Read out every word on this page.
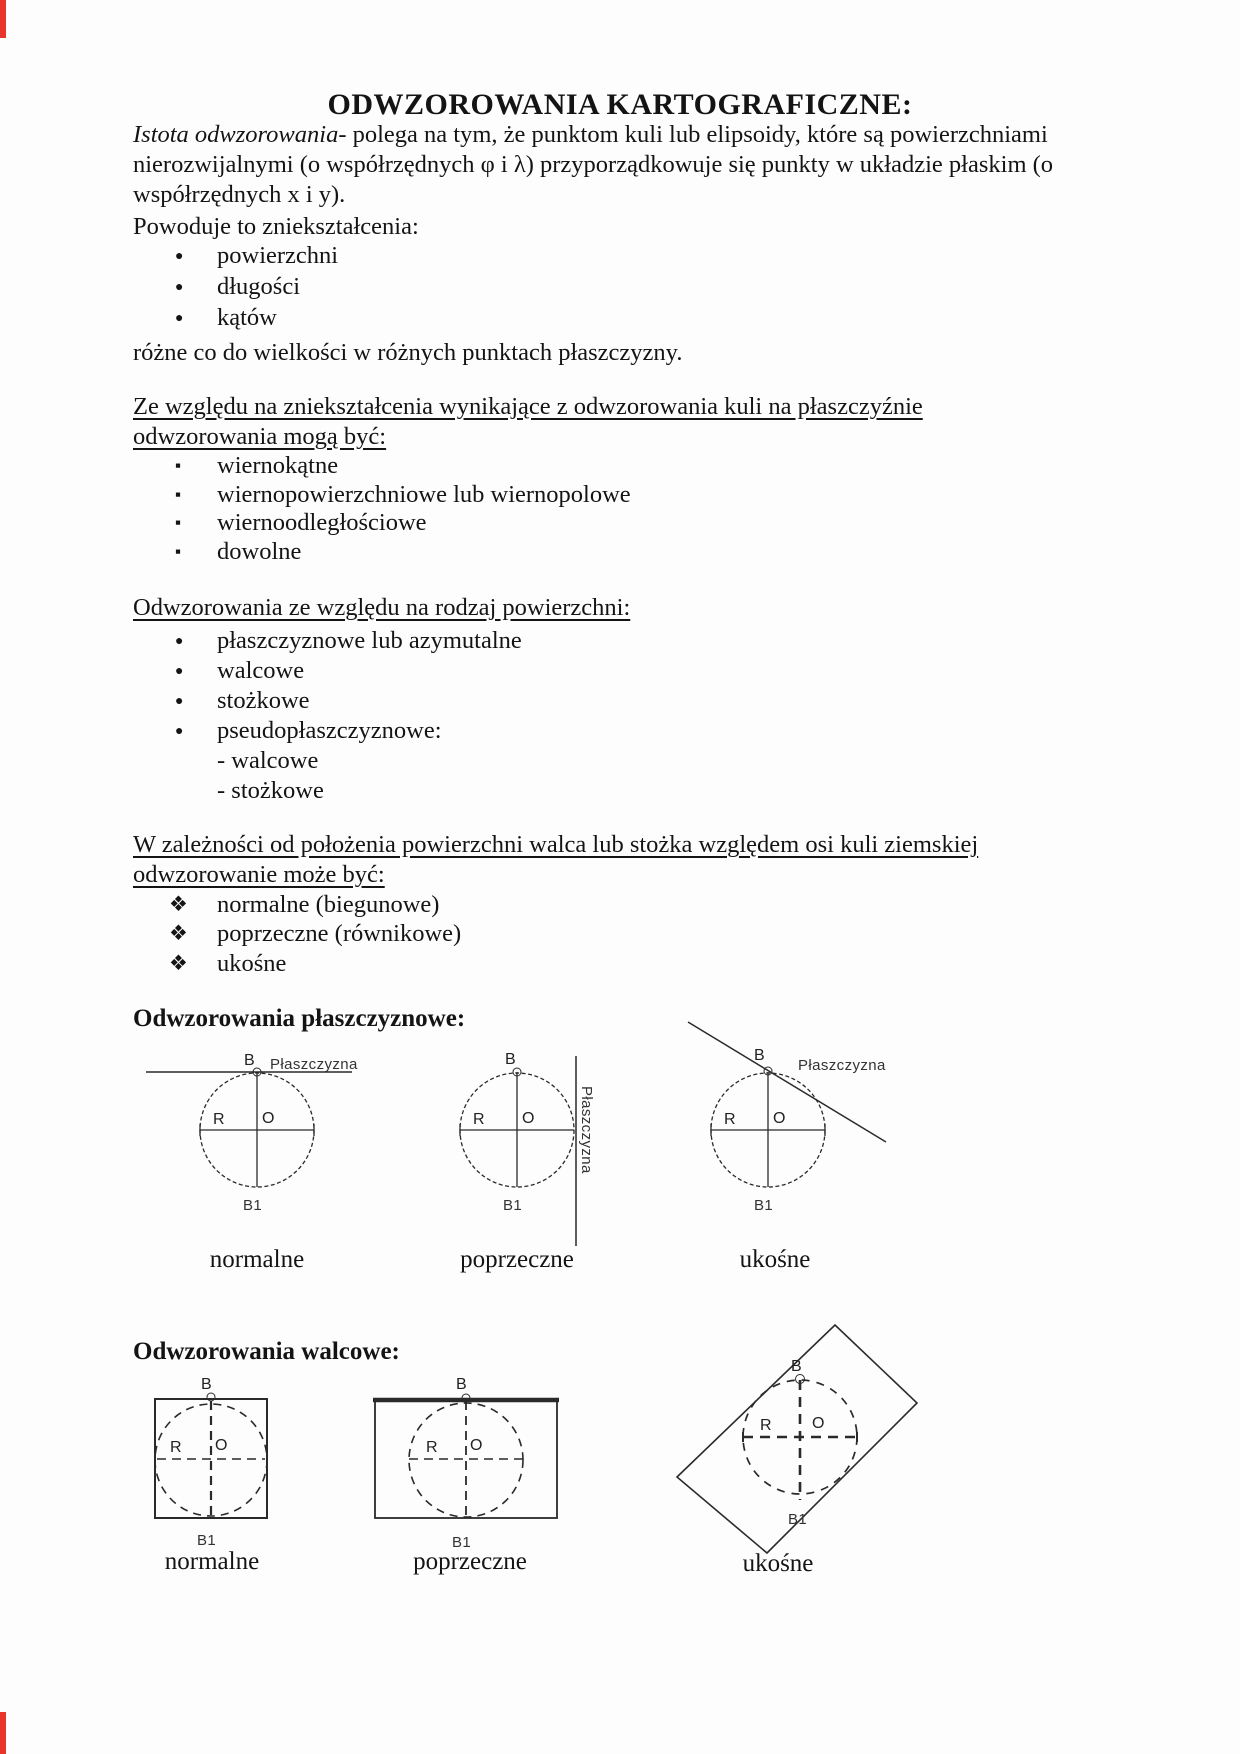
ODWZOROWANIA KARTOGRAFICZNE:

Istota odwzorowania- polega na tym, że punktom kuli lub elipsoidy, które są powierzchniami nierozwijalnymi (o współrzędnych φ i λ) przyporządkowuje się punkty w układzie płaskim (o współrzędnych x i y).

Powoduje to zniekształcenia:
● powierzchni
● długości
● kątów
różne co do wielkości w różnych punktach płaszczyzny.
Ze względu na zniekształcenia wynikające z odwzorowania kuli na płaszczyźnie
odwzorowania mogą być:
▪ wiernokątne
▪ wiernopowierzchniowe lub wiernopolowe
▪ wiernoodległościowe
▪ dowolne
Odwzorowania ze względu na rodzaj powierzchni:
● płaszczyznowe lub azymutalne
● walcowe
● stożkowe
● pseudopłaszczyznowe:
- walcowe
- stożkowe
W zależności od położenia powierzchni walca lub stożka względem osi kuli ziemskiej
odwzorowanie może być:
❖ normalne (biegunowe)
❖ poprzeczne (równikowe)
❖ ukośne
Odwzorowania płaszczyznowe:
B Płaszczyzna
R O
B1
B
Płaszczyzna
R O
B1
B
Płaszczyzna
R O
B1
normalne	poprzeczne	ukośne
Odwzorowania walcowe:
B
R O
B1
B
R O
B1
B
R	O
B1
normalne	poprzeczne	ukośne
